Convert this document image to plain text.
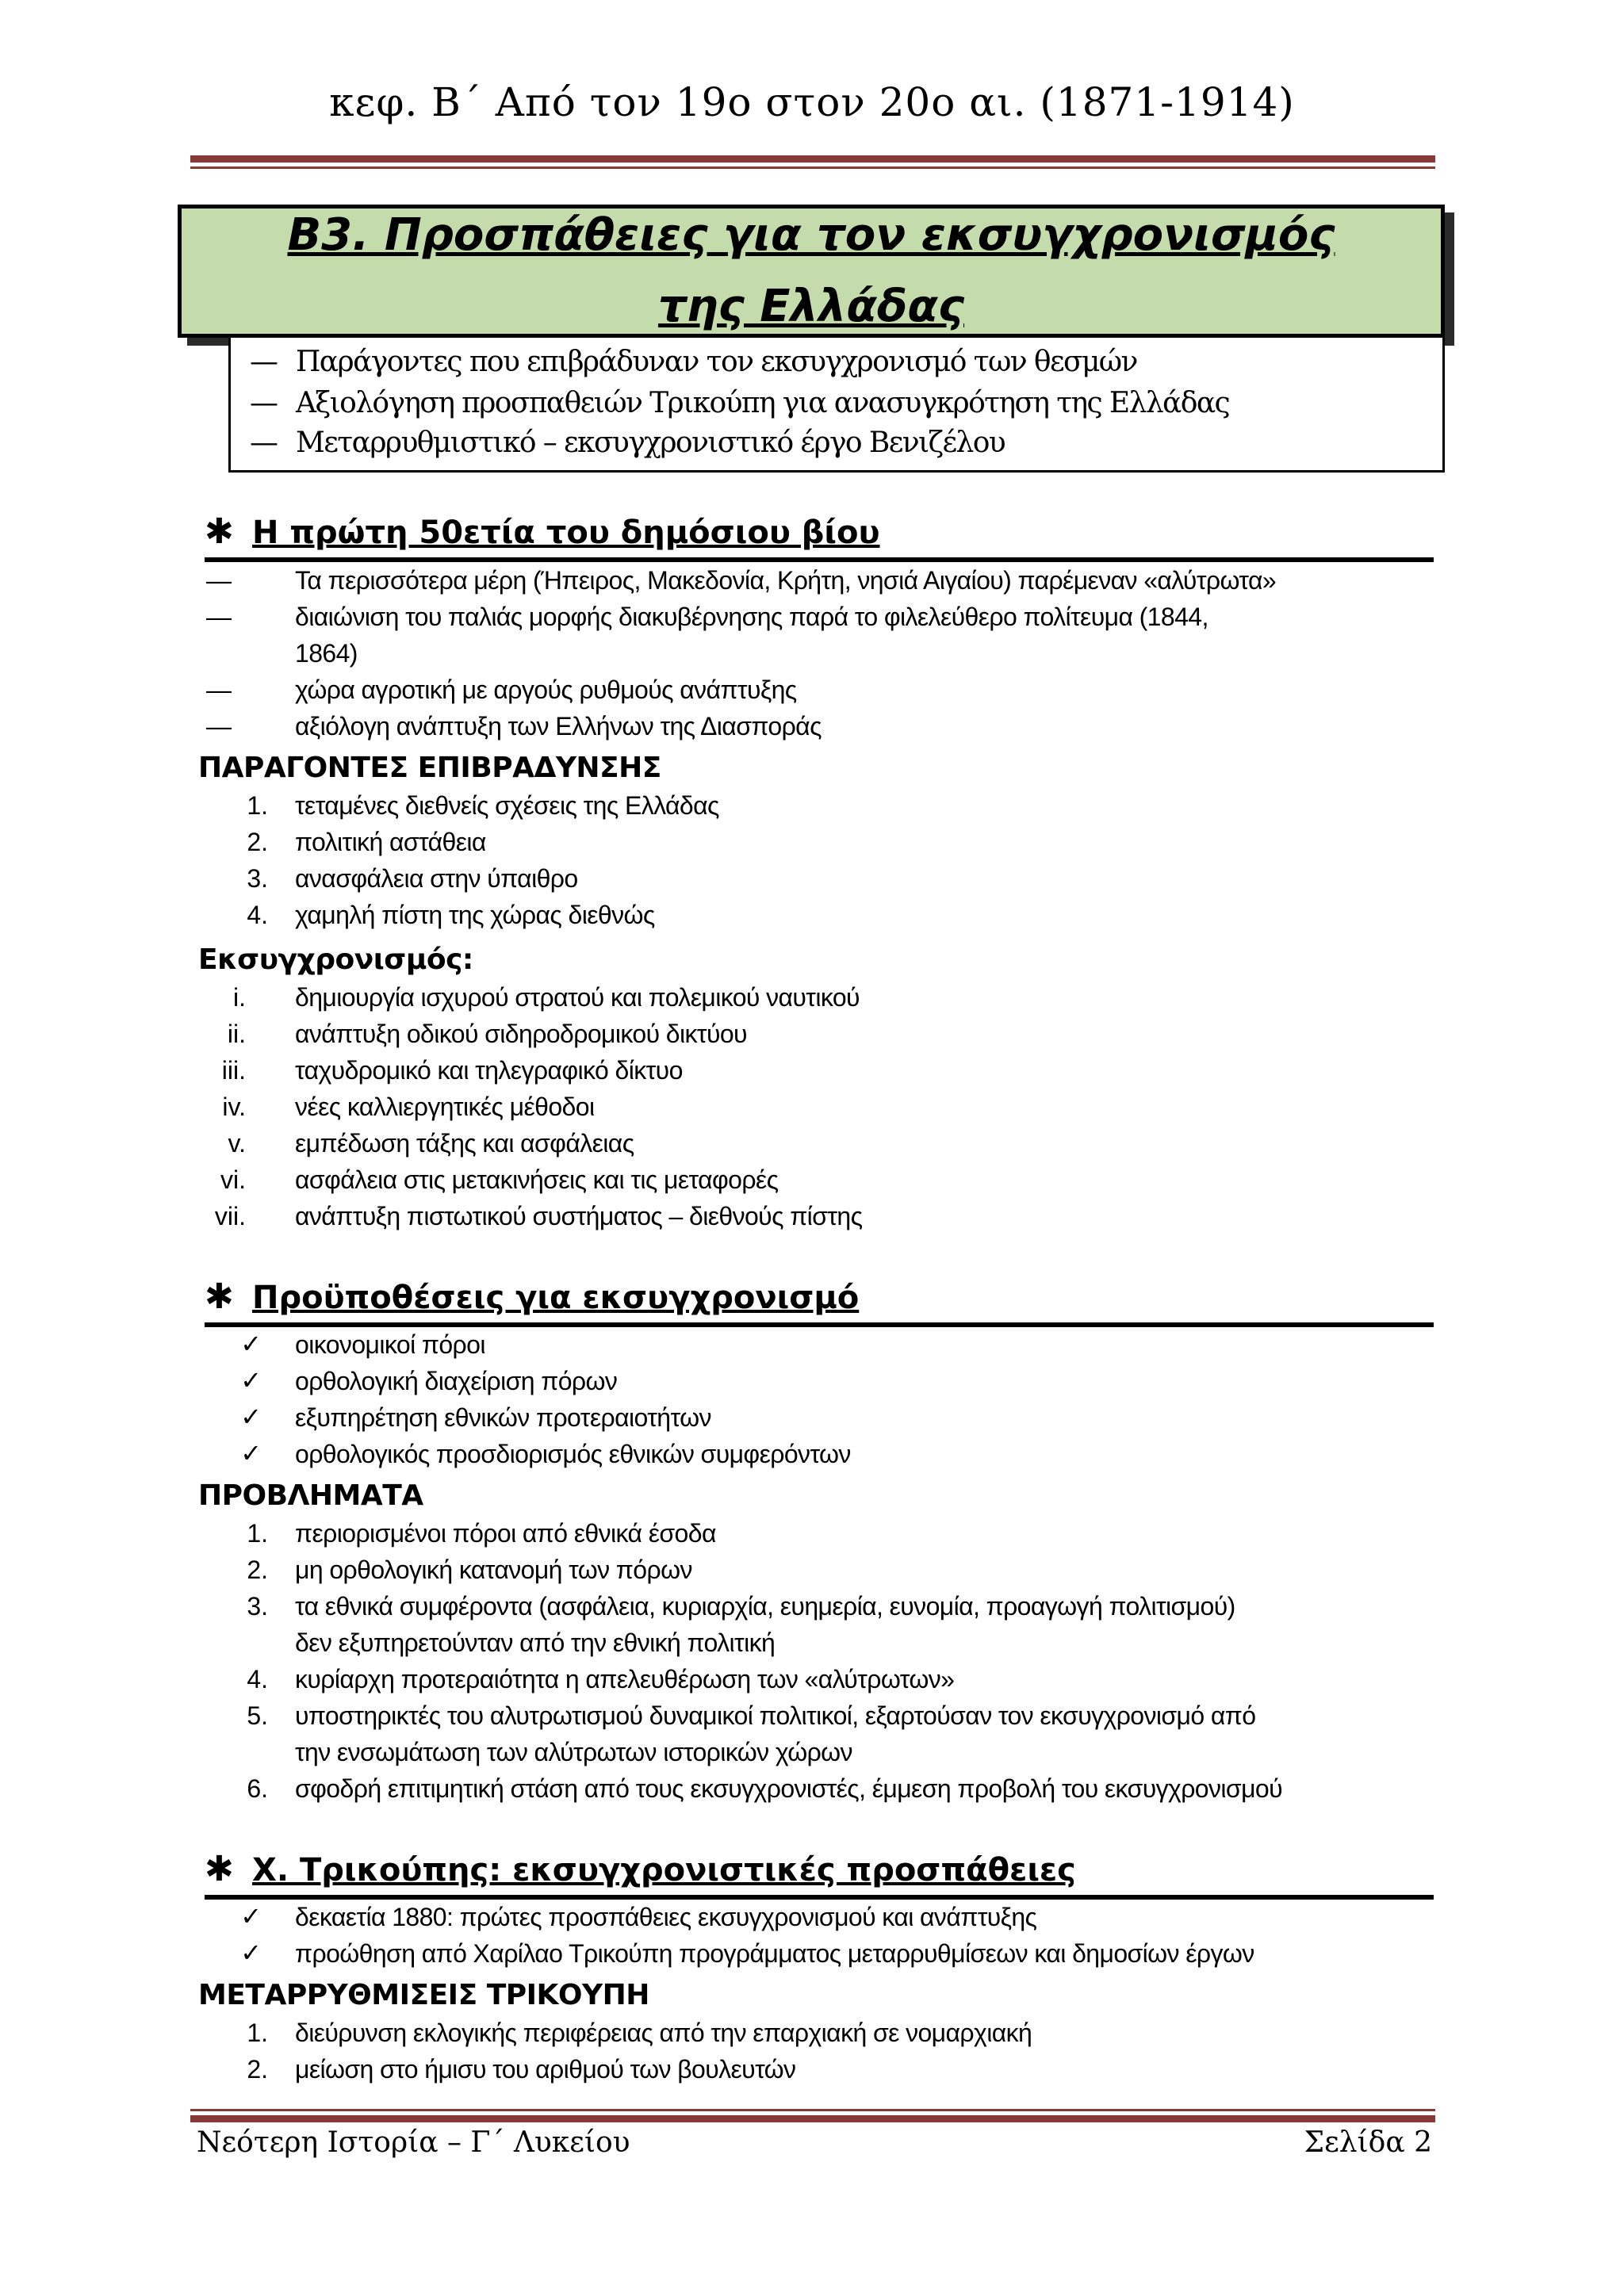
κεφ. Β΄ Από τον 19ο στον 20ο αι. (1871-1914)
Β3. Προσπάθειες για τον εκσυγχρονισμός της Ελλάδας
— Παράγοντες που επιβράδυναν τον εκσυγχρονισμό των θεσμών
— Αξιολόγηση προσπαθειών Τρικούπη για ανασυγκρότηση της Ελλάδας
— Μεταρρυθμιστικό – εκσυγχρονιστικό έργο Βενιζέλου
✱ Η πρώτη 50ετία του δημόσιου βίου
—	Τα περισσότερα μέρη (Ήπειρος, Μακεδονία, Κρήτη, νησιά Αιγαίου) παρέμεναν «αλύτρωτα»
—	διαιώνιση του παλιάς μορφής διακυβέρνησης παρά το φιλελεύθερο πολίτευμα (1844,
1864)
—	χώρα αγροτική με αργούς ρυθμούς ανάπτυξης
—	αξιόλογη ανάπτυξη των Ελλήνων της Διασποράς
ΠΑΡΑΓΟΝΤΕΣ ΕΠΙΒΡΑΔΥΝΣΗΣ
1. τεταμένες διεθνείς σχέσεις της Ελλάδας
2. πολιτική αστάθεια
3. ανασφάλεια στην ύπαιθρο
4. χαμηλή πίστη της χώρας διεθνώς
Εκσυγχρονισμός:
i. δημιουργία ισχυρού στρατού και πολεμικού ναυτικού
ii. ανάπτυξη οδικού σιδηροδρομικού δικτύου
iii. ταχυδρομικό και τηλεγραφικό δίκτυο
iv. νέες καλλιεργητικές μέθοδοι
v. εμπέδωση τάξης και ασφάλειας
vi. ασφάλεια στις μετακινήσεις και τις μεταφορές
vii. ανάπτυξη πιστωτικού συστήματος – διεθνούς πίστης
✱ Προϋποθέσεις για εκσυγχρονισμό
✓ οικονομικοί πόροι
✓ ορθολογική διαχείριση πόρων
✓ εξυπηρέτηση εθνικών προτεραιοτήτων
✓ ορθολογικός προσδιορισμός εθνικών συμφερόντων
ΠΡΟΒΛΗΜΑΤΑ
1. περιορισμένοι πόροι από εθνικά έσοδα
2. μη ορθολογική κατανομή των πόρων
3. τα εθνικά συμφέροντα (ασφάλεια, κυριαρχία, ευημερία, ευνομία, προαγωγή πολιτισμού)
δεν εξυπηρετούνταν από την εθνική πολιτική
4. κυρίαρχη προτεραιότητα η απελευθέρωση των «αλύτρωτων»
5. υποστηρικτές του αλυτρωτισμού δυναμικοί πολιτικοί, εξαρτούσαν τον εκσυγχρονισμό από
την ενσωμάτωση των αλύτρωτων ιστορικών χώρων
6. σφοδρή επιτιμητική στάση από τους εκσυγχρονιστές, έμμεση προβολή του εκσυγχρονισμού
✱ Χ. Τρικούπης: εκσυγχρονιστικές προσπάθειες
✓ δεκαετία 1880: πρώτες προσπάθειες εκσυγχρονισμού και ανάπτυξης
✓ προώθηση από Χαρίλαο Τρικούπη προγράμματος μεταρρυθμίσεων και δημοσίων έργων
ΜΕΤΑΡΡΥΘΜΙΣΕΙΣ ΤΡΙΚΟΥΠΗ
1. διεύρυνση εκλογικής περιφέρειας από την επαρχιακή σε νομαρχιακή
2. μείωση στο ήμισυ του αριθμού των βουλευτών
Νεότερη Ιστορία – Γ΄ Λυκείου	Σελίδα 2
